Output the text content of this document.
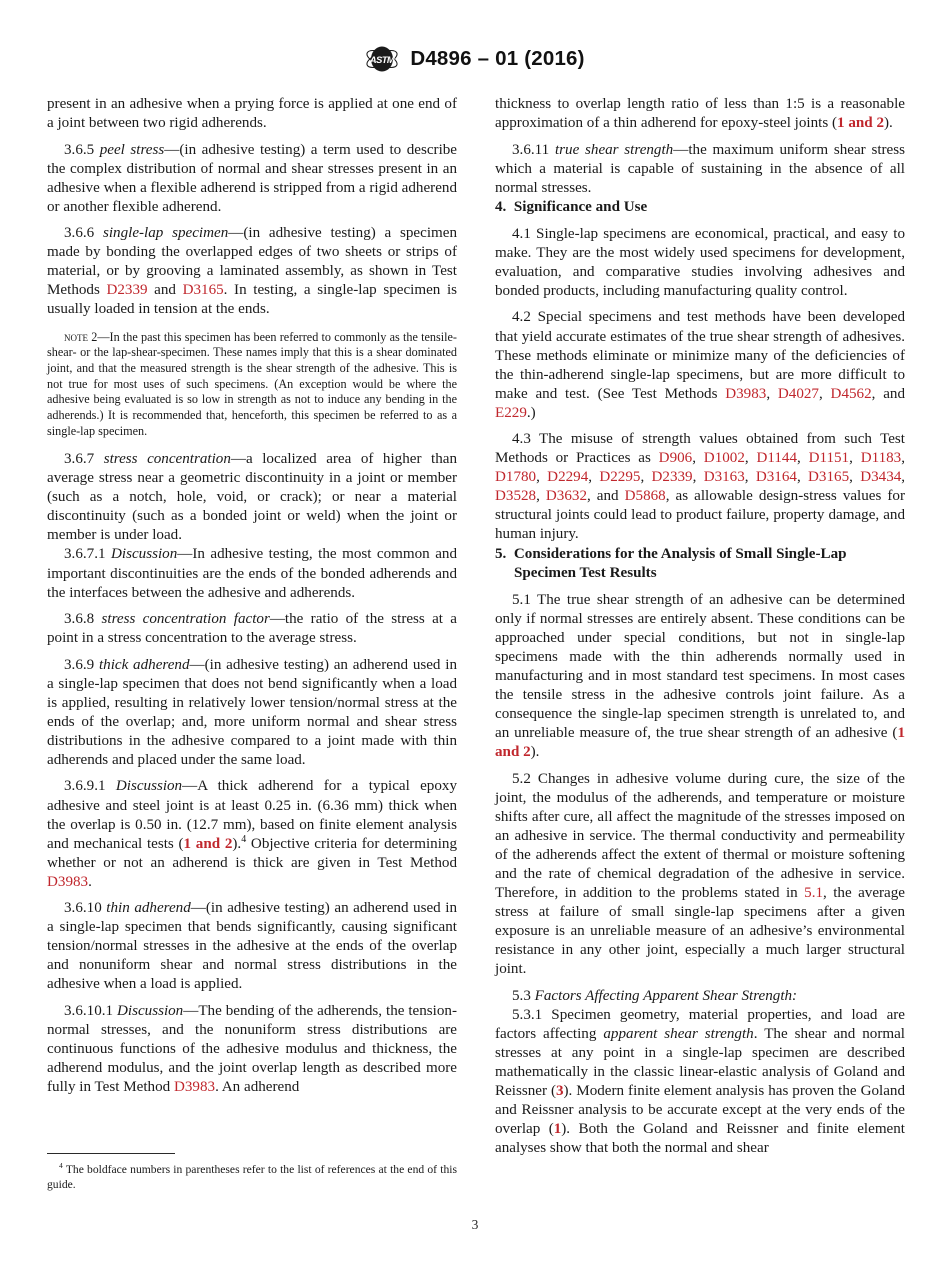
ASTM D4896 – 01 (2016)

present in an adhesive when a prying force is applied at one end of a joint between two rigid adherends.

3.6.5 peel stress—(in adhesive testing) a term used to describe the complex distribution of normal and shear stresses present in an adhesive when a flexible adherend is stripped from a rigid adherend or another flexible adherend.

3.6.6 single-lap specimen—(in adhesive testing) a specimen made by bonding the overlapped edges of two sheets or strips of material, or by grooving a laminated assembly, as shown in Test Methods D2339 and D3165. In testing, a single-lap specimen is usually loaded in tension at the ends.

note 2—In the past this specimen has been referred to commonly as the tensile-shear- or the lap-shear-specimen. These names imply that this is a shear dominated joint, and that the measured strength is the shear strength of the adhesive. This is not true for most uses of such specimens. (An exception would be where the adhesive being evaluated is so low in strength as not to induce any bending in the adherends.) It is recommended that, henceforth, this specimen be referred to as a single-lap specimen.

3.6.7 stress concentration—a localized area of higher than average stress near a geometric discontinuity in a joint or member (such as a notch, hole, void, or crack); or near a material discontinuity (such as a bonded joint or weld) when the joint or member is under load.

3.6.7.1 Discussion—In adhesive testing, the most common and important discontinuities are the ends of the bonded adherends and the interfaces between the adhesive and adherends.

3.6.8 stress concentration factor—the ratio of the stress at a point in a stress concentration to the average stress.

3.6.9 thick adherend—(in adhesive testing) an adherend used in a single-lap specimen that does not bend significantly when a load is applied, resulting in relatively lower tension/normal stress at the ends of the overlap; and, more uniform normal and shear stress distributions in the adhesive compared to a joint made with thin adherends and placed under the same load.

3.6.9.1 Discussion—A thick adherend for a typical epoxy adhesive and steel joint is at least 0.25 in. (6.36 mm) thick when the overlap is 0.50 in. (12.7 mm), based on finite element analysis and mechanical tests (1 and 2).$^4$ Objective criteria for determining whether or not an adherend is thick are given in Test Method D3983.

3.6.10 thin adherend—(in adhesive testing) an adherend used in a single-lap specimen that bends significantly, causing significant tension/normal stresses in the adhesive at the ends of the overlap and nonuniform shear and normal stress distributions in the adhesive when a load is applied.

3.6.10.1 Discussion—The bending of the adherends, the tension-normal stresses, and the nonuniform stress distributions are continuous functions of the adhesive modulus and thickness, the adherend modulus, and the joint overlap length as described more fully in Test Method D3983. An adherend

$^4$ The boldface numbers in parentheses refer to the list of references at the end of this guide.

thickness to overlap length ratio of less than 1:5 is a reasonable approximation of a thin adherend for epoxy-steel joints (1 and 2).

3.6.11 true shear strength—the maximum uniform shear stress which a material is capable of sustaining in the absence of all normal stresses.

4. Significance and Use

4.1 Single-lap specimens are economical, practical, and easy to make. They are the most widely used specimens for development, evaluation, and comparative studies involving adhesives and bonded products, including manufacturing quality control.

4.2 Special specimens and test methods have been developed that yield accurate estimates of the true shear strength of adhesives. These methods eliminate or minimize many of the deficiencies of the thin-adherend single-lap specimens, but are more difficult to make and test. (See Test Methods D3983, D4027, D4562, and E229.)

4.3 The misuse of strength values obtained from such Test Methods or Practices as D906, D1002, D1144, D1151, D1183, D1780, D2294, D2295, D2339, D3163, D3164, D3165, D3434, D3528, D3632, and D5868, as allowable design-stress values for structural joints could lead to product failure, property damage, and human injury.

5. Considerations for the Analysis of Small Single-Lap Specimen Test Results

5.1 The true shear strength of an adhesive can be determined only if normal stresses are entirely absent. These conditions can be approached under special conditions, but not in single-lap specimens made with the thin adherends normally used in manufacturing and in most standard test specimens. In most cases the tensile stress in the adhesive controls joint failure. As a consequence the single-lap specimen strength is unrelated to, and an unreliable measure of, the true shear strength of an adhesive (1 and 2).

5.2 Changes in adhesive volume during cure, the size of the joint, the modulus of the adherends, and temperature or moisture shifts after cure, all affect the magnitude of the stresses imposed on an adhesive in service. The thermal conductivity and permeability of the adherends affect the extent of thermal or moisture softening and the rate of chemical degradation of the adhesive in service. Therefore, in addition to the problems stated in 5.1, the average stress at failure of small single-lap specimens after a given exposure is an unreliable measure of an adhesive’s environmental resistance in any other joint, especially a much larger structural joint.

5.3 Factors Affecting Apparent Shear Strength:

5.3.1 Specimen geometry, material properties, and load are factors affecting apparent shear strength. The shear and normal stresses at any point in a single-lap specimen are described mathematically in the classic linear-elastic analysis of Goland and Reissner (3). Modern finite element analysis has proven the Goland and Reissner analysis to be accurate except at the very ends of the overlap (1). Both the Goland and Reissner and finite element analyses show that both the normal and shear

3
